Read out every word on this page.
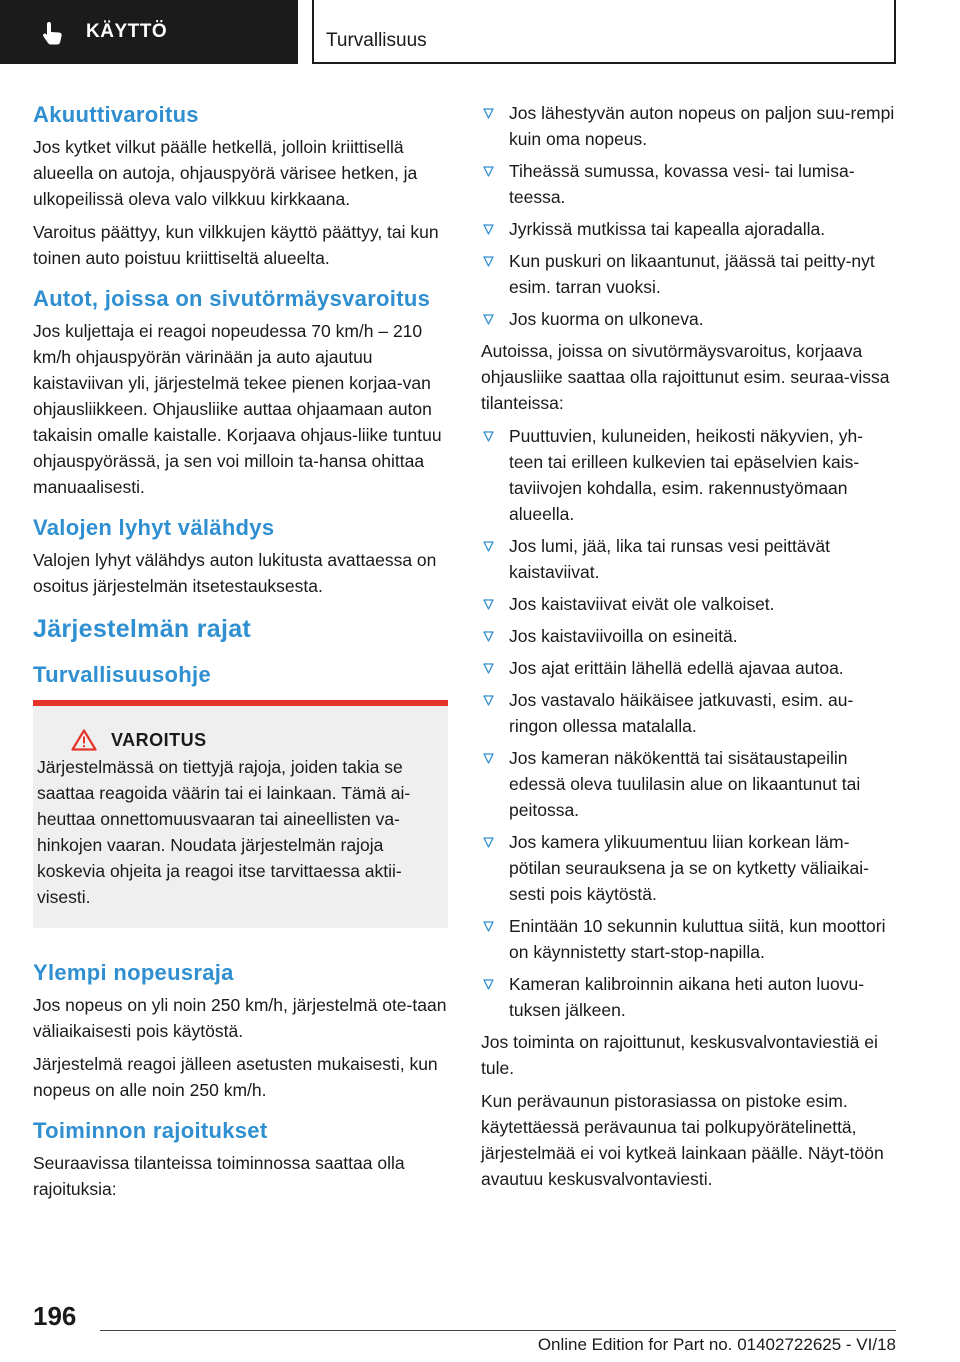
KÄYTTÖ	Turvallisuus
Akuuttivaroitus

Jos kytket vilkut päälle hetkellä, jolloin kriittisellä alueella on autoja, ohjauspyörä värisee hetken, ja ulkopeilissä oleva valo vilkkuu kirkkaana.

Varoitus päättyy, kun vilkkujen käyttö päättyy, tai kun toinen auto poistuu kriittiseltä alueelta.

Autot, joissa on sivutörmäysvaroitus

Jos kuljettaja ei reagoi nopeudessa 70 km/h – 210 km/h ohjauspyörän värinään ja auto ajautuu kaistaviivan yli, järjestelmä tekee pienen korjaa-van ohjausliikkeen. Ohjausliike auttaa ohjaamaan auton takaisin omalle kaistalle. Korjaava ohjaus-liike tuntuu ohjauspyörässä, ja sen voi milloin ta-hansa ohittaa manuaalisesti.

Valojen lyhyt välähdys

Valojen lyhyt välähdys auton lukitusta avattaessa on osoitus järjestelmän itsetestauksesta.

Järjestelmän rajat
Turvallisuusohje
VAROITUS
Järjestelmässä on tiettyjä rajoja, joiden takia se saattaa reagoida väärin tai ei lainkaan. Tämä ai-heuttaa onnettomuusvaaran tai aineellisten va-hinkojen vaaran. Noudata järjestelmän rajoja koskevia ohjeita ja reagoi itse tarvittaessa aktii-visesti.
Ylempi nopeusraja

Jos nopeus on yli noin 250 km/h, järjestelmä ote-taan väliaikaisesti pois käytöstä.

Järjestelmä reagoi jälleen asetusten mukaisesti, kun nopeus on alle noin 250 km/h.

Toiminnon rajoitukset

Seuraavissa tilanteissa toiminnossa saattaa olla rajoituksia:

Jos lähestyvän auton nopeus on paljon suu-rempi kuin oma nopeus.
Tiheässä sumussa, kovassa vesi- tai lumisa-teessa.
Jyrkissä mutkissa tai kapealla ajoradalla.
Kun puskuri on likaantunut, jäässä tai peitty-nyt esim. tarran vuoksi.
Jos kuorma on ulkoneva.

Autoissa, joissa on sivutörmäysvaroitus, korjaava ohjausliike saattaa olla rajoittunut esim. seuraa-vissa tilanteissa:

Puuttuvien, kuluneiden, heikosti näkyvien, yh-teen tai erilleen kulkevien tai epäselvien kais-taviivojen kohdalla, esim. rakennustyömaan alueella.
Jos lumi, jää, lika tai runsas vesi peittävät kaistaviivat.
Jos kaistaviivat eivät ole valkoiset.
Jos kaistaviivoilla on esineitä.
Jos ajat erittäin lähellä edellä ajavaa autoa.
Jos vastavalo häikäisee jatkuvasti, esim. au-ringon ollessa matalalla.
Jos kameran näkökenttä tai sisätaustapeilin edessä oleva tuulilasin alue on likaantunut tai peitossa.
Jos kamera ylikuumentuu liian korkean läm-pötilan seurauksena ja se on kytketty väliaikai-sesti pois käytöstä.
Enintään 10 sekunnin kuluttua siitä, kun moottori on käynnistetty start-stop-napilla.
Kameran kalibroinnin aikana heti auton luovu-tuksen jälkeen.

Jos toiminta on rajoittunut, keskusvalvontaviestiä ei tule.

Kun perävaunun pistorasiassa on pistoke esim. käytettäessä perävaunua tai polkupyörätelinettä, järjestelmää ei voi kytkeä lainkaan päälle. Näyt-töön avautuu keskusvalvontaviesti.

196
Online Edition for Part no. 01402722625 - VI/18
